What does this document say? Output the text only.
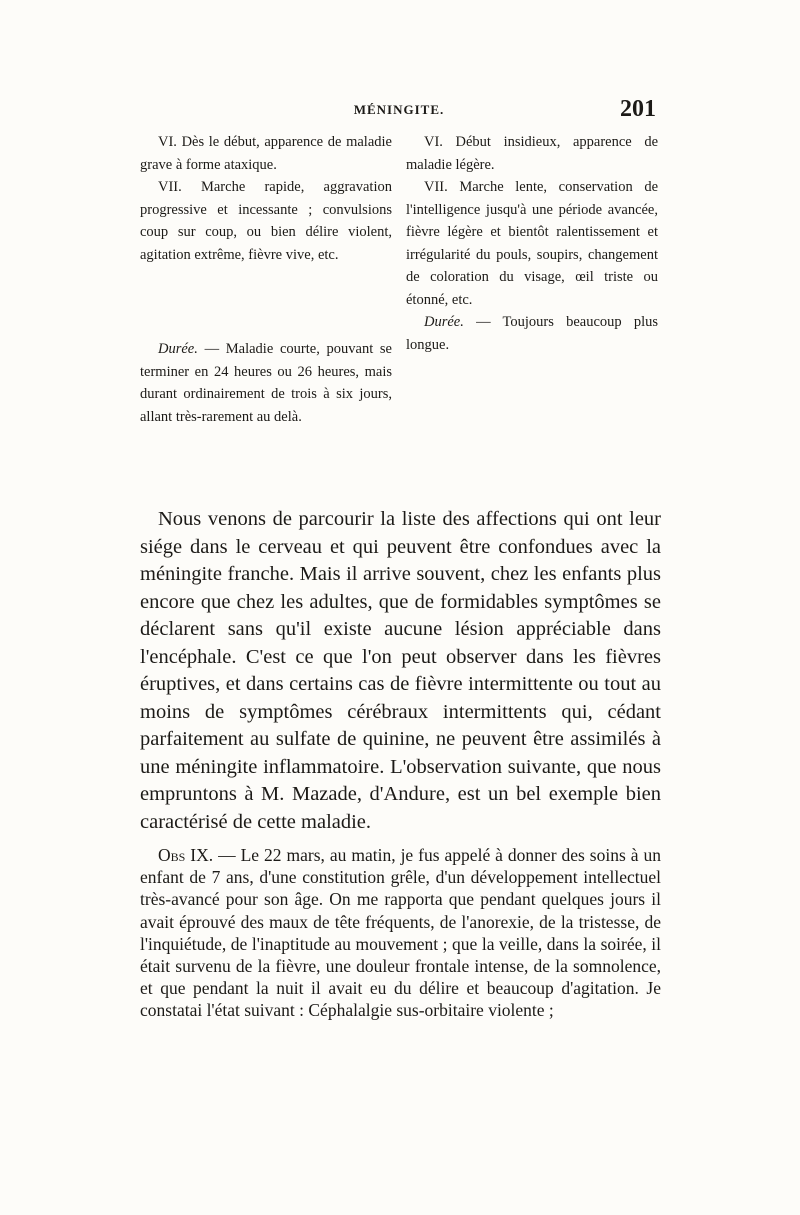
MÉNINGITE.	201

VI. Dès le début, apparence de maladie grave à forme ataxique.

VII. Marche rapide, aggravation progressive et incessante ; convulsions coup sur coup, ou bien délire violent, agitation extrême, fièvre vive, etc.

Durée. — Maladie courte, pouvant se terminer en 24 heures ou 26 heures, mais durant ordinairement de trois à six jours, allant très-rarement au delà.

VI. Début insidieux, apparence de maladie légère.

VII. Marche lente, conservation de l'intelligence jusqu'à une période avancée, fièvre légère et bientôt ralentissement et irrégularité du pouls, soupirs, changement de coloration du visage, œil triste ou étonné, etc.

Durée. — Toujours beaucoup plus longue.

Nous venons de parcourir la liste des affections qui ont leur siége dans le cerveau et qui peuvent être confondues avec la méningite franche. Mais il arrive souvent, chez les enfants plus encore que chez les adultes, que de formidables symptômes se déclarent sans qu'il existe aucune lésion appréciable dans l'encéphale. C'est ce que l'on peut observer dans les fièvres éruptives, et dans certains cas de fièvre intermittente ou tout au moins de symptômes cérébraux intermittents qui, cédant parfaitement au sulfate de quinine, ne peuvent être assimilés à une méningite inflammatoire. L'observation suivante, que nous empruntons à M. Mazade, d'Andure, est un bel exemple bien caractérisé de cette maladie.

Obs IX. — Le 22 mars, au matin, je fus appelé à donner des soins à un enfant de 7 ans, d'une constitution grêle, d'un développement intellectuel très-avancé pour son âge. On me rapporta que pendant quelques jours il avait éprouvé des maux de tête fréquents, de l'anorexie, de la tristesse, de l'inquiétude, de l'inaptitude au mouvement ; que la veille, dans la soirée, il était survenu de la fièvre, une douleur frontale intense, de la somnolence, et que pendant la nuit il avait eu du délire et beaucoup d'agitation. Je constatai l'état suivant : Céphalalgie sus-orbitaire violente ;
